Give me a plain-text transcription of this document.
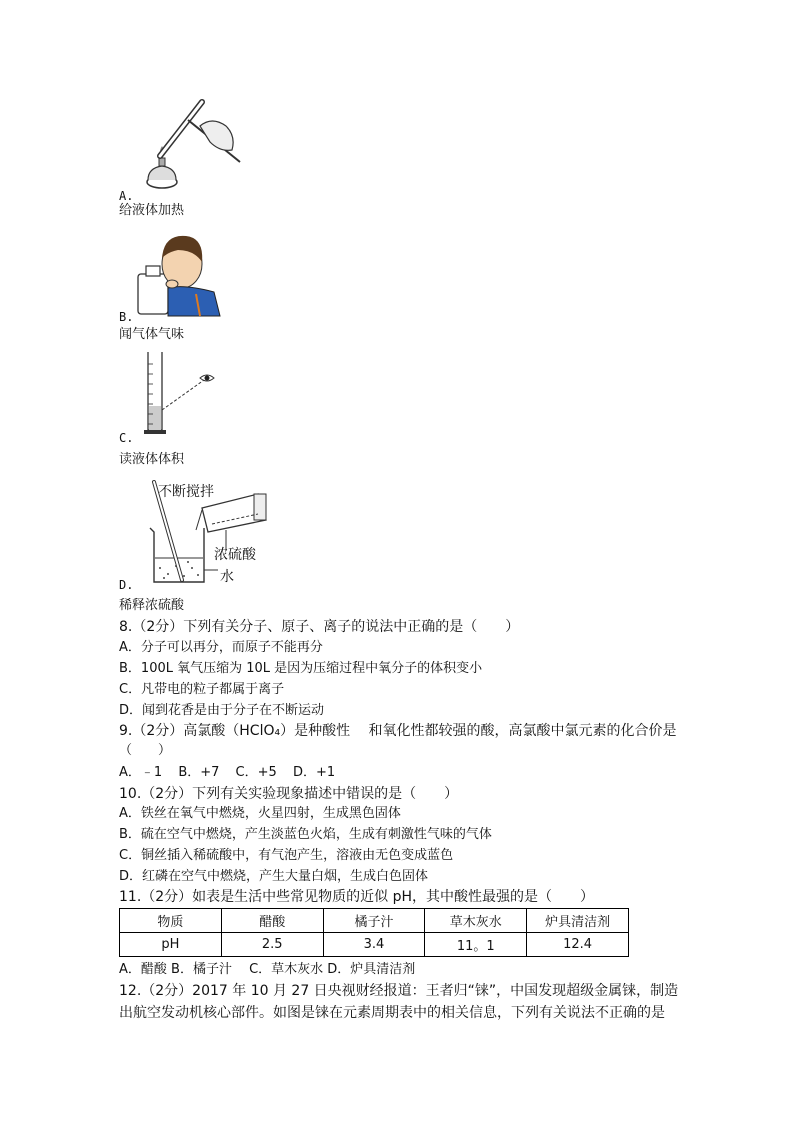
A.
给液体加热
B.
闻气体气味
C.
读液体体积
不断搅拌
浓硫酸
水
D.
稀释浓硫酸
8.（2分）下列有关分子、原子、离子的说法中正确的是（　　）
A．分子可以再分，而原子不能再分
B．100L 氧气压缩为 10L 是因为压缩过程中氧分子的体积变小
C．凡带电的粒子都属于离子
D．闻到花香是由于分子在不断运动
9.（2分）高氯酸（HClO₄）是种酸性　 和氧化性都较强的酸，高氯酸中氯元素的化合价是
（　　）
A．﹣1 B．+7 C．+5 D．+1
10.（2分）下列有关实验现象描述中错误的是（　　）
A．铁丝在氧气中燃烧，火星四射，生成黑色固体
B．硫在空气中燃烧，产生淡蓝色火焰，生成有刺激性气味的气体
C．铜丝插入稀硫酸中，有气泡产生，溶液由无色变成蓝色
D．红磷在空气中燃烧，产生大量白烟，生成白色固体
11.（2分）如表是生活中些常见物质的近似 pH，其中酸性最强的是（　　）
物质	醋酸	橘子汁	草木灰水	炉具清洁剂
pH	2.5	3.4	11。1	12.4
A．醋酸 B．橘子汁　 C．草木灰水 D．炉具清洁剂
12.（2分）2017 年 10 月 27 日央视财经报道：王者归“铼”，中国发现超级金属铼，制造
出航空发动机核心部件。如图是铼在元素周期表中的相关信息，下列有关说法不正确的是
